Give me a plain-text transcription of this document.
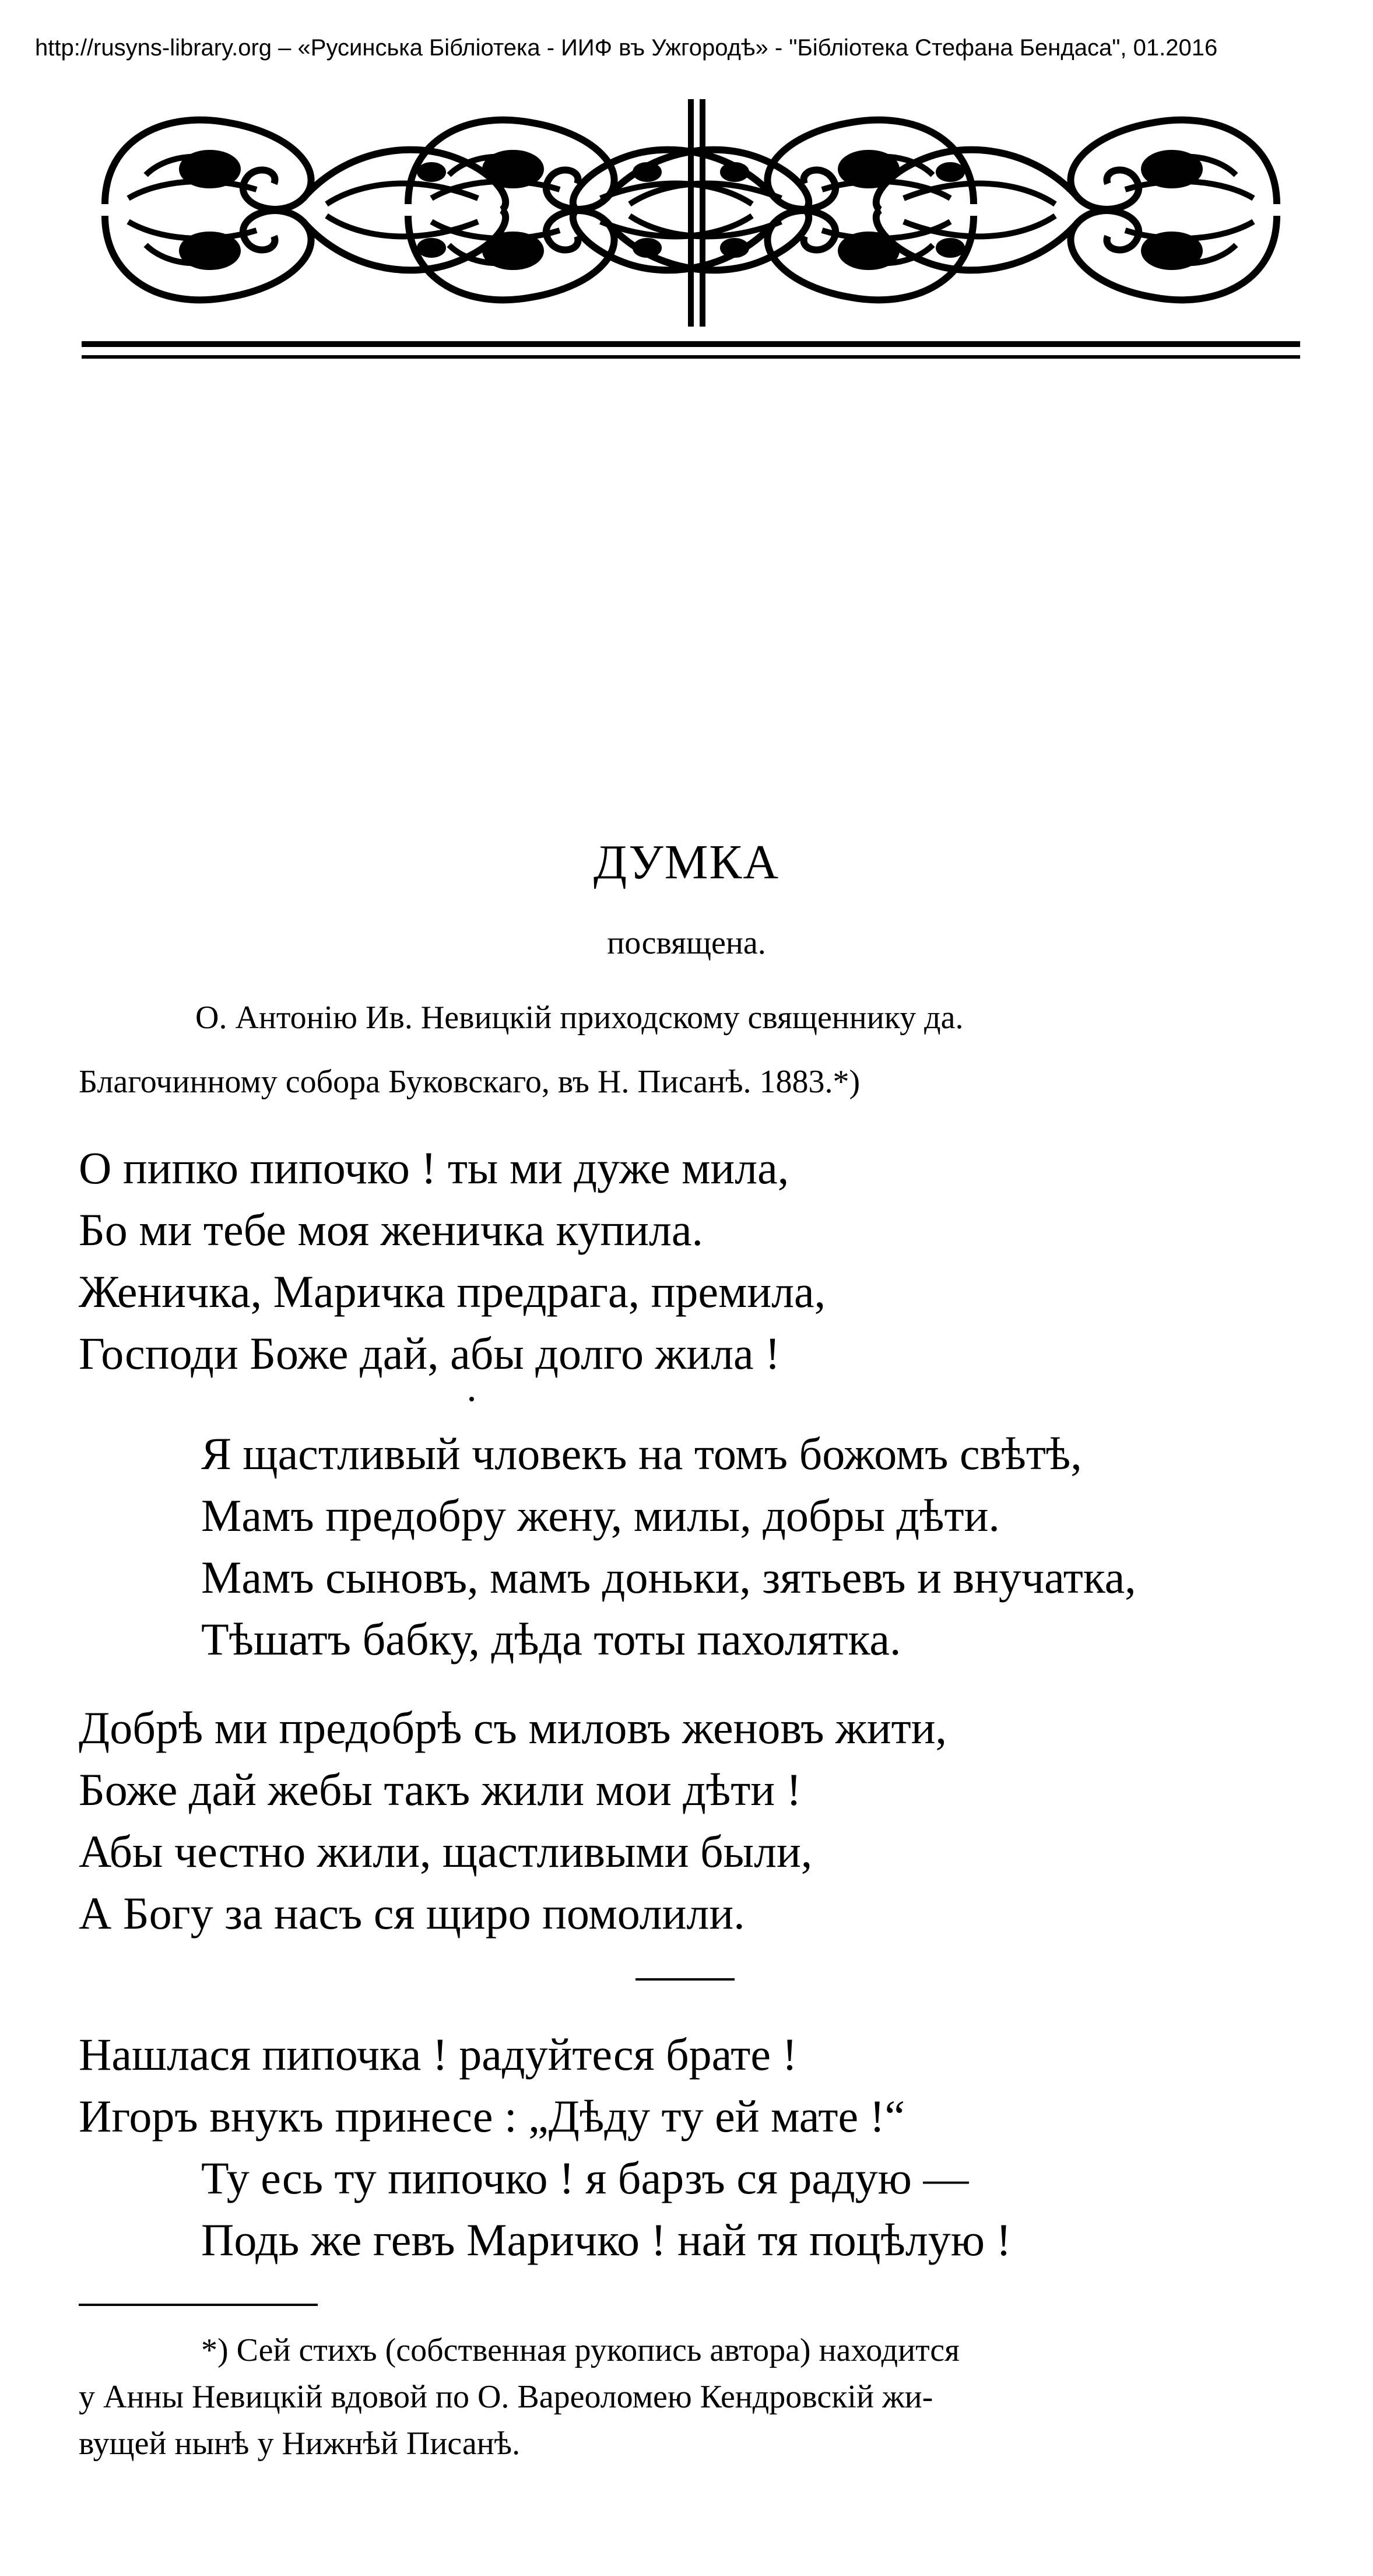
http://rusyns-library.org – «Русинська Бібліотека - ИИФ въ Ужгородѣ» - "Бібліотека Стефана Бендаса", 01.2016
ДУМКА
посвящена.
О. Антонію Ив. Невицкій приходскому священнику да.
Благочинному собора Буковскаго, въ Н. Писанѣ. 1883.*)
О пипко пипочко ! ты ми дуже мила,
Бо ми тебе моя женичка купила.
Женичка, Маричка предрага, премила,
Господи Боже дай, абы долго жила !
Я щастливый чловекъ на томъ божомъ свѣтѣ,
Мамъ предобру жену, милы, добры дѣти.
Мамъ сыновъ, мамъ доньки, зятьевъ и внучатка,
Тѣшатъ бабку, дѣда тоты пахолятка.
Добрѣ ми предобрѣ съ миловъ женовъ жити,
Боже дай жебы такъ жили мои дѣти !
Абы честно жили, щастливыми были,
А Богу за насъ ся щиро помолили.
Нашлася пипочка ! радуйтеся брате !
Игоръ внукъ принесе : „Дѣду ту ей мате !“
Ту есь ту пипочко ! я барзъ ся радую —
Подь же гевъ Маричко ! най тя поцѣлую !
*) Сей стихъ (собственная рукопись автора) находится
у Анны Невицкій вдовой по О. Вареоломею Кендровскій жи-
вущей нынѣ у Нижнѣй Писанѣ.
